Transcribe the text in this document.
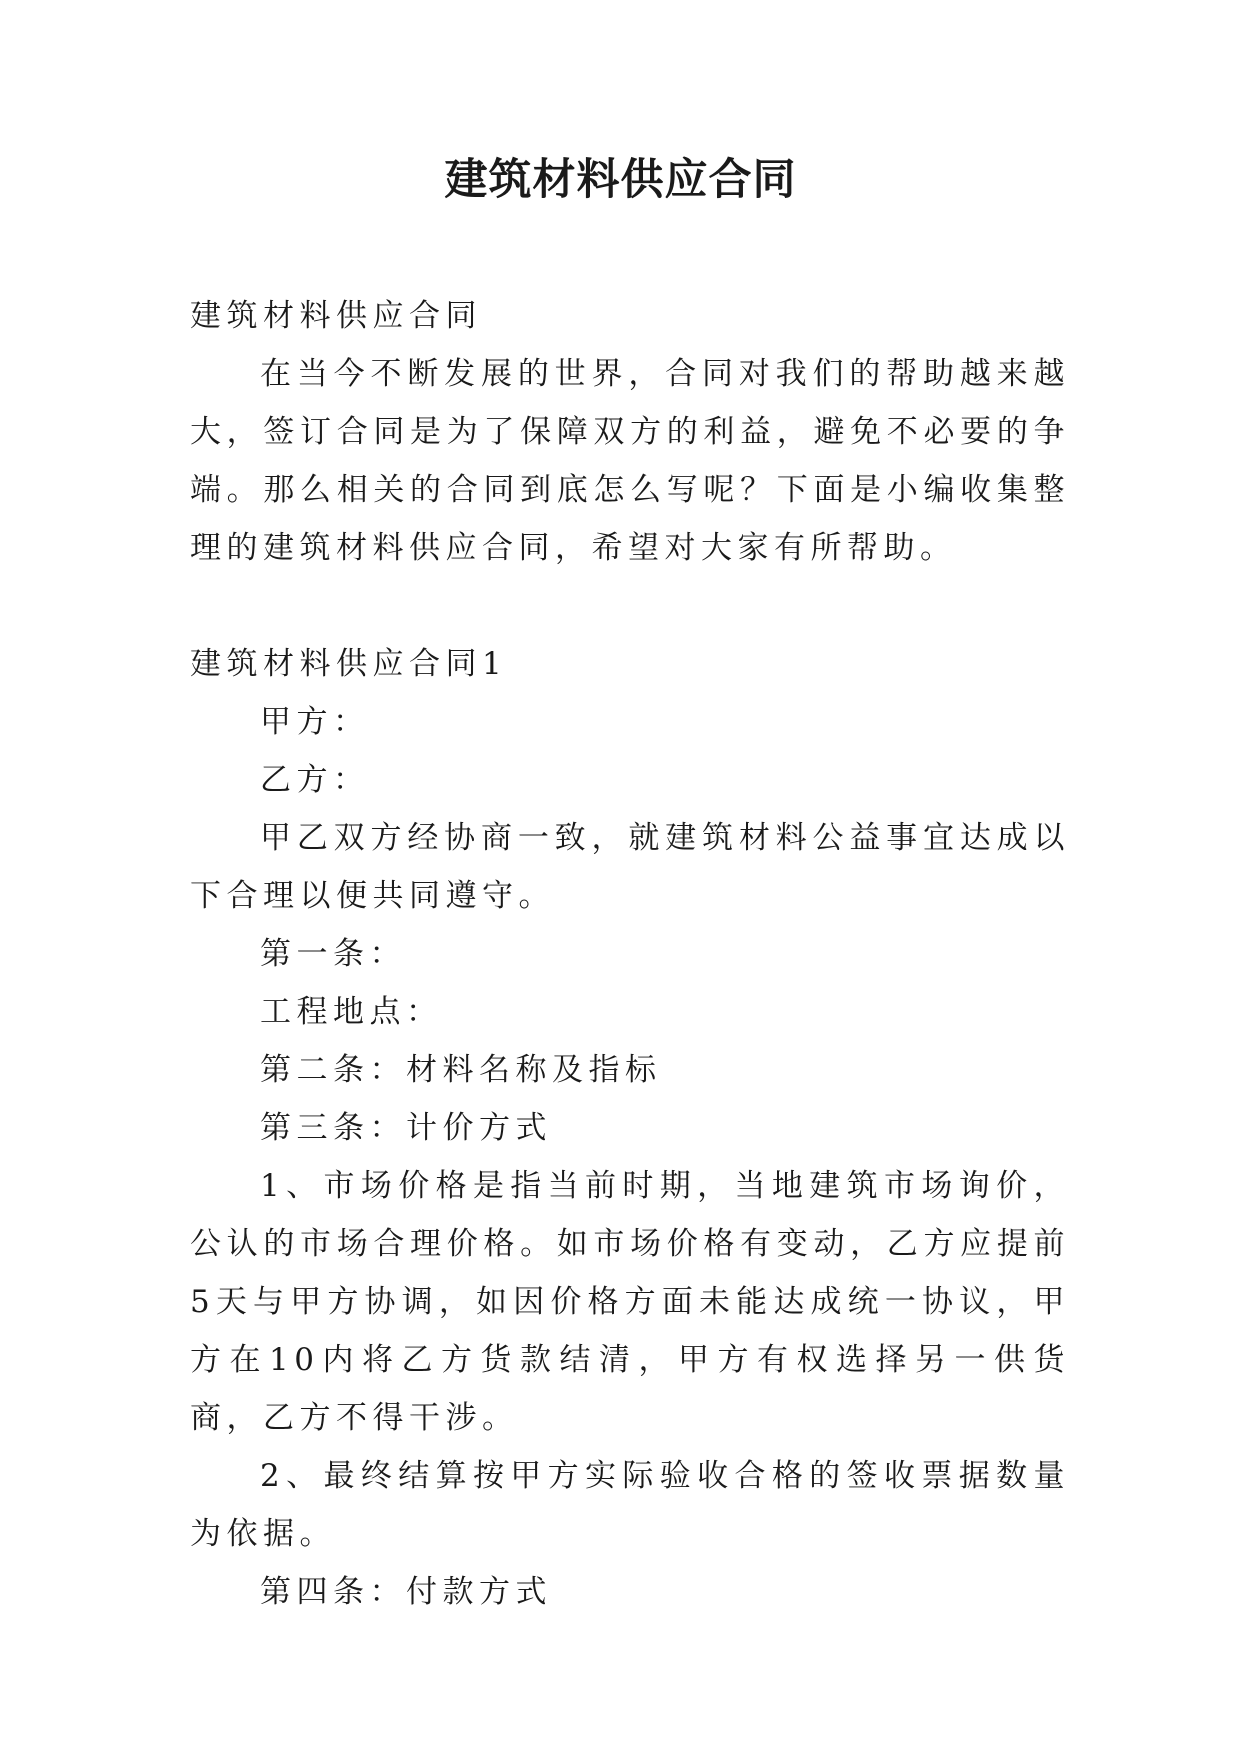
建筑材料供应合同

建筑材料供应合同

在当今不断发展的世界，合同对我们的帮助越来越大，签订合同是为了保障双方的利益，避免不必要的争端。那么相关的合同到底怎么写呢？下面是小编收集整理的建筑材料供应合同，希望对大家有所帮助。

建筑材料供应合同1

甲方：

乙方：

甲乙双方经协商一致，就建筑材料公益事宜达成以下合理以便共同遵守。

第一条：

工程地点：

第二条：材料名称及指标

第三条：计价方式

1、市场价格是指当前时期，当地建筑市场询价，公认的市场合理价格。如市场价格有变动，乙方应提前5天与甲方协调，如因价格方面未能达成统一协议，甲方在10内将乙方货款结清，甲方有权选择另一供货商，乙方不得干涉。

2、最终结算按甲方实际验收合格的签收票据数量为依据。

第四条：付款方式
